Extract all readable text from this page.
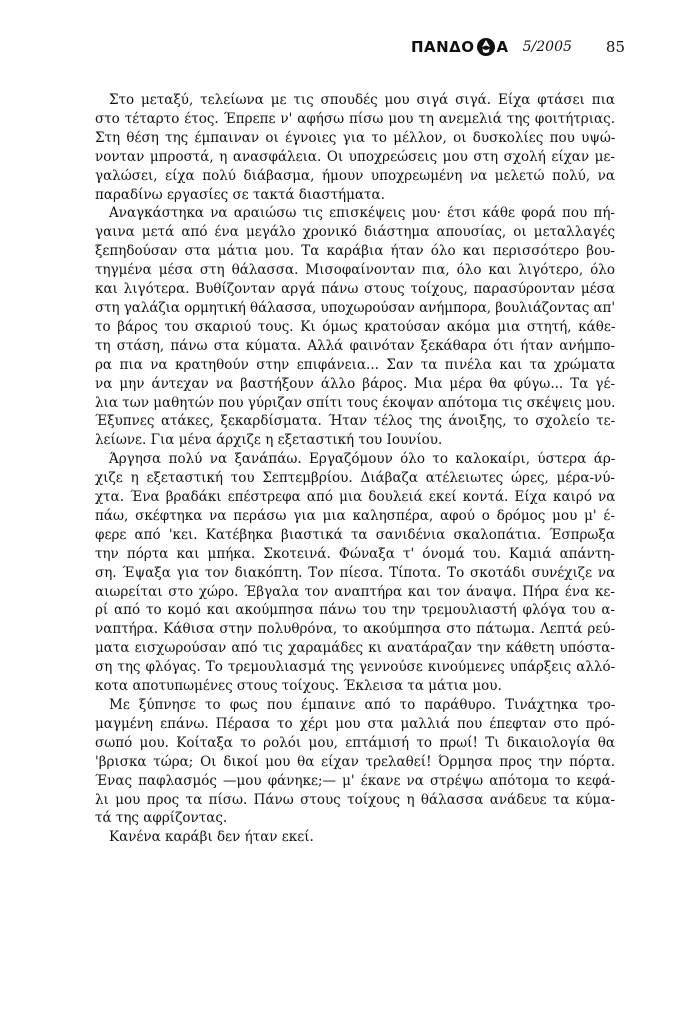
ΠΑΝΔΟ Α 5/2005 85
Στο μεταξύ, τελείωνα με τις σπουδές μου σιγά σιγά. Είχα φτάσει πια
στο τέταρτο έτος. Έπρεπε ν' αφήσω πίσω μου τη ανεμελιά της φοιτήτριας.
Στη θέση της έμπαιναν οι έγνοιες για το μέλλον, οι δυσκολίες που υψώ-
νονταν μπροστά, η ανασφάλεια. Οι υποχρεώσεις μου στη σχολή είχαν με-
γαλώσει, είχα πολύ διάβασμα, ήμουν υποχρεωμένη να μελετώ πολύ, να
παραδίνω εργασίες σε τακτά διαστήματα.
Αναγκάστηκα να αραιώσω τις επισκέψεις μου· έτσι κάθε φορά που πή-
γαινα μετά από ένα μεγάλο χρονικό διάστημα απουσίας, οι μεταλλαγές
ξεπηδούσαν στα μάτια μου. Τα καράβια ήταν όλο και περισσότερο βου-
τηγμένα μέσα στη θάλασσα. Μισοφαίνονταν πια, όλο και λιγότερο, όλο
και λιγότερα. Βυθίζονταν αργά πάνω στους τοίχους, παρασύρονταν μέσα
στη γαλάζια ορμητική θάλασσα, υποχωρούσαν ανήμπορα, βουλιάζοντας απ'
το βάρος του σκαριού τους. Κι όμως κρατούσαν ακόμα μια στητή, κάθε-
τη στάση, πάνω στα κύματα. Αλλά φαινόταν ξεκάθαρα ότι ήταν ανήμπο-
ρα πια να κρατηθούν στην επιφάνεια... Σαν τα πινέλα και τα χρώματα
να μην άντεχαν να βαστήξουν άλλο βάρος. Μια μέρα θα φύγω... Τα γέ-
λια των μαθητών που γύριζαν σπίτι τους έκοψαν απότομα τις σκέψεις μου.
Έξυπνες ατάκες, ξεκαρδίσματα. Ήταν τέλος της άνοιξης, το σχολείο τε-
λείωνε. Για μένα άρχιζε η εξεταστική του Ιουνίου.
Άργησα πολύ να ξανάπάω. Εργαζόμουν όλο το καλοκαίρι, ύστερα άρ-
χιζε η εξεταστική του Σεπτεμβρίου. Διάβαζα ατέλειωτες ώρες, μέρα-νύ-
χτα. Ένα βραδάκι επέστρεφα από μια δουλειά εκεί κοντά. Είχα καιρό να
πάω, σκέφτηκα να περάσω για μια καλησπέρα, αφού ο δρόμος μου μ' έ-
φερε από 'κει. Κατέβηκα βιαστικά τα σανιδένια σκαλοπάτια. Έσπρωξα
την πόρτα και μπήκα. Σκοτεινά. Φώναξα τ' όνομά του. Καμιά απάντη-
ση. Έψαξα για τον διακόπτη. Τον πίεσα. Τίποτα. Το σκοτάδι συνέχιζε να
αιωρείται στο χώρο. Έβγαλα τον αναπτήρα και τον άναψα. Πήρα ένα κε-
ρί από το κομό και ακούμπησα πάνω του την τρεμουλιαστή φλόγα του α-
ναπτήρα. Κάθισα στην πολυθρόνα, το ακούμπησα στο πάτωμα. Λεπτά ρεύ-
ματα εισχωρούσαν από τις χαραμάδες κι ανατάραζαν την κάθετη υπόστα-
ση της φλόγας. Το τρεμουλιασμά της γεννούσε κινούμενες υπάρξεις αλλό-
κοτα αποτυπωμένες στους τοίχους. Έκλεισα τα μάτια μου.
Με ξύπνησε το φως που έμπαινε από το παράθυρο. Τινάχτηκα τρο-
μαγμένη επάνω. Πέρασα το χέρι μου στα μαλλιά που έπεφταν στο πρό-
σωπό μου. Κοίταξα το ρολόι μου, επτάμισή το πρωί! Τι δικαιολογία θα
'βρισκα τώρα; Οι δικοί μου θα είχαν τρελαθεί! Όρμησα προς την πόρτα.
Ένας παφλασμός —μου φάνηκε;— μ' έκανε να στρέψω απότομα το κεφά-
λι μου προς τα πίσω. Πάνω στους τοίχους η θάλασσα ανάδευε τα κύμα-
τά της αφρίζοντας.
Κανένα καράβι δεν ήταν εκεί.
